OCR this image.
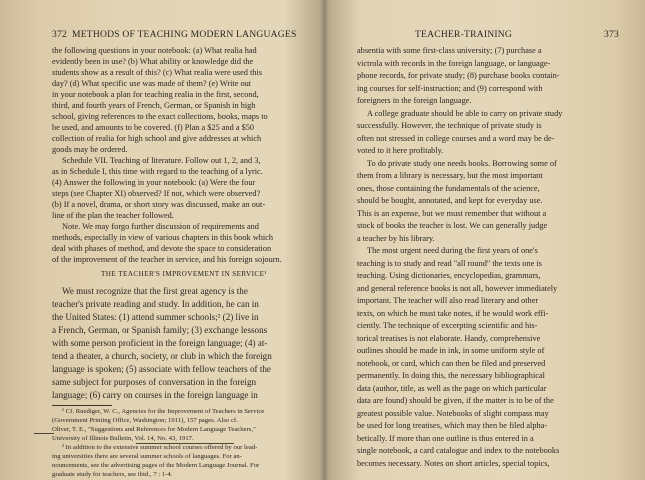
372 METHODS OF TEACHING MODERN LANGUAGES
the following questions in your notebook: (a) What realia had
evidently been in use? (b) What ability or knowledge did the
students show as a result of this? (c) What realia were used this
day? (d) What specific use was made of them? (e) Write out
in your notebook a plan for teaching realia in the first, second,
third, and fourth years of French, German, or Spanish in high
school, giving references to the exact collections, books, maps to
be used, and amounts to be covered. (f) Plan a $25 and a $50
collection of realia for high school and give addresses at which
goods may be ordered.
Schedule VII. Teaching of literature. Follow out 1, 2, and 3,
as in Schedule I, this time with regard to the teaching of a lyric.
(4) Answer the following in your notebook: (a) Were the four
steps (see Chapter XI) observed? If not, which were observed?
(b) If a novel, drama, or short story was discussed, make an out-
line of the plan the teacher followed.
Note. We may forgo further discussion of requirements and
methods, especially in view of various chapters in this book which
deal with phases of method, and devote the space to consideration
of the improvement of the teacher in service, and his foreign sojourn.
THE TEACHER'S IMPROVEMENT IN SERVICE¹
We must recognize that the first great agency is the
teacher's private reading and study. In addition, he can in
the United States: (1) attend summer schools;² (2) live in
a French, German, or Spanish family; (3) exchange lessons
with some person proficient in the foreign language; (4) at-
tend a theater, a church, society, or club in which the foreign
language is spoken; (5) associate with fellow teachers of the
same subject for purposes of conversation in the foreign
language; (6) carry on courses in the foreign language in
¹ Cf. Ruediger, W. C., Agencies for the Improvement of Teachers in Service
(Government Printing Office, Washington; 1911), 157 pages. Also cf.
Oliver, T. E., "Suggestions and References for Modern Language Teachers,"
University of Illinois Bulletin, Vol. 14, No. 43, 1917.
² In addition to the extensive summer school courses offered by our lead-
ing universities there are several summer schools of languages. For an-
nouncements, see the advertising pages of the Modern Language Journal. For
graduate study for teachers, see ibid., 7 : 1-4.
TEACHER-TRAINING	373
absentia with some first-class university; (7) purchase a
victrola with records in the foreign language, or language-
phone records, for private study; (8) purchase books contain-
ing courses for self-instruction; and (9) correspond with
foreigners in the foreign language.
A college graduate should be able to carry on private study
successfully. However, the technique of private study is
often not stressed in college courses and a word may be de-
voted to it here profitably.
To do private study one needs books. Borrowing some of
them from a library is necessary, but the most important
ones, those containing the fundamentals of the science,
should be bought, annotated, and kept for everyday use.
This is an expense, but we must remember that without a
stock of books the teacher is lost. We can generally judge
a teacher by his library.
The most urgent need during the first years of one's
teaching is to study and read "all round" the texts one is
teaching. Using dictionaries, encyclopedias, grammars,
and general reference books is not all, however immediately
important. The teacher will also read literary and other
texts, on which he must take notes, if he would work effi-
ciently. The technique of excerpting scientific and his-
torical treatises is not elaborate. Handy, comprehensive
outlines should be made in ink, in some uniform style of
notebook, or card, which can then be filed and preserved
permanently. In doing this, the necessary bibliographical
data (author, title, as well as the page on which particular
data are found) should be given, if the matter is to be of the
greatest possible value. Notebooks of slight compass may
be used for long treatises, which may then be filed alpha-
betically. If more than one outline is thus entered in a
single notebook, a card catalogue and index to the notebooks
becomes necessary. Notes on short articles, special topics,
